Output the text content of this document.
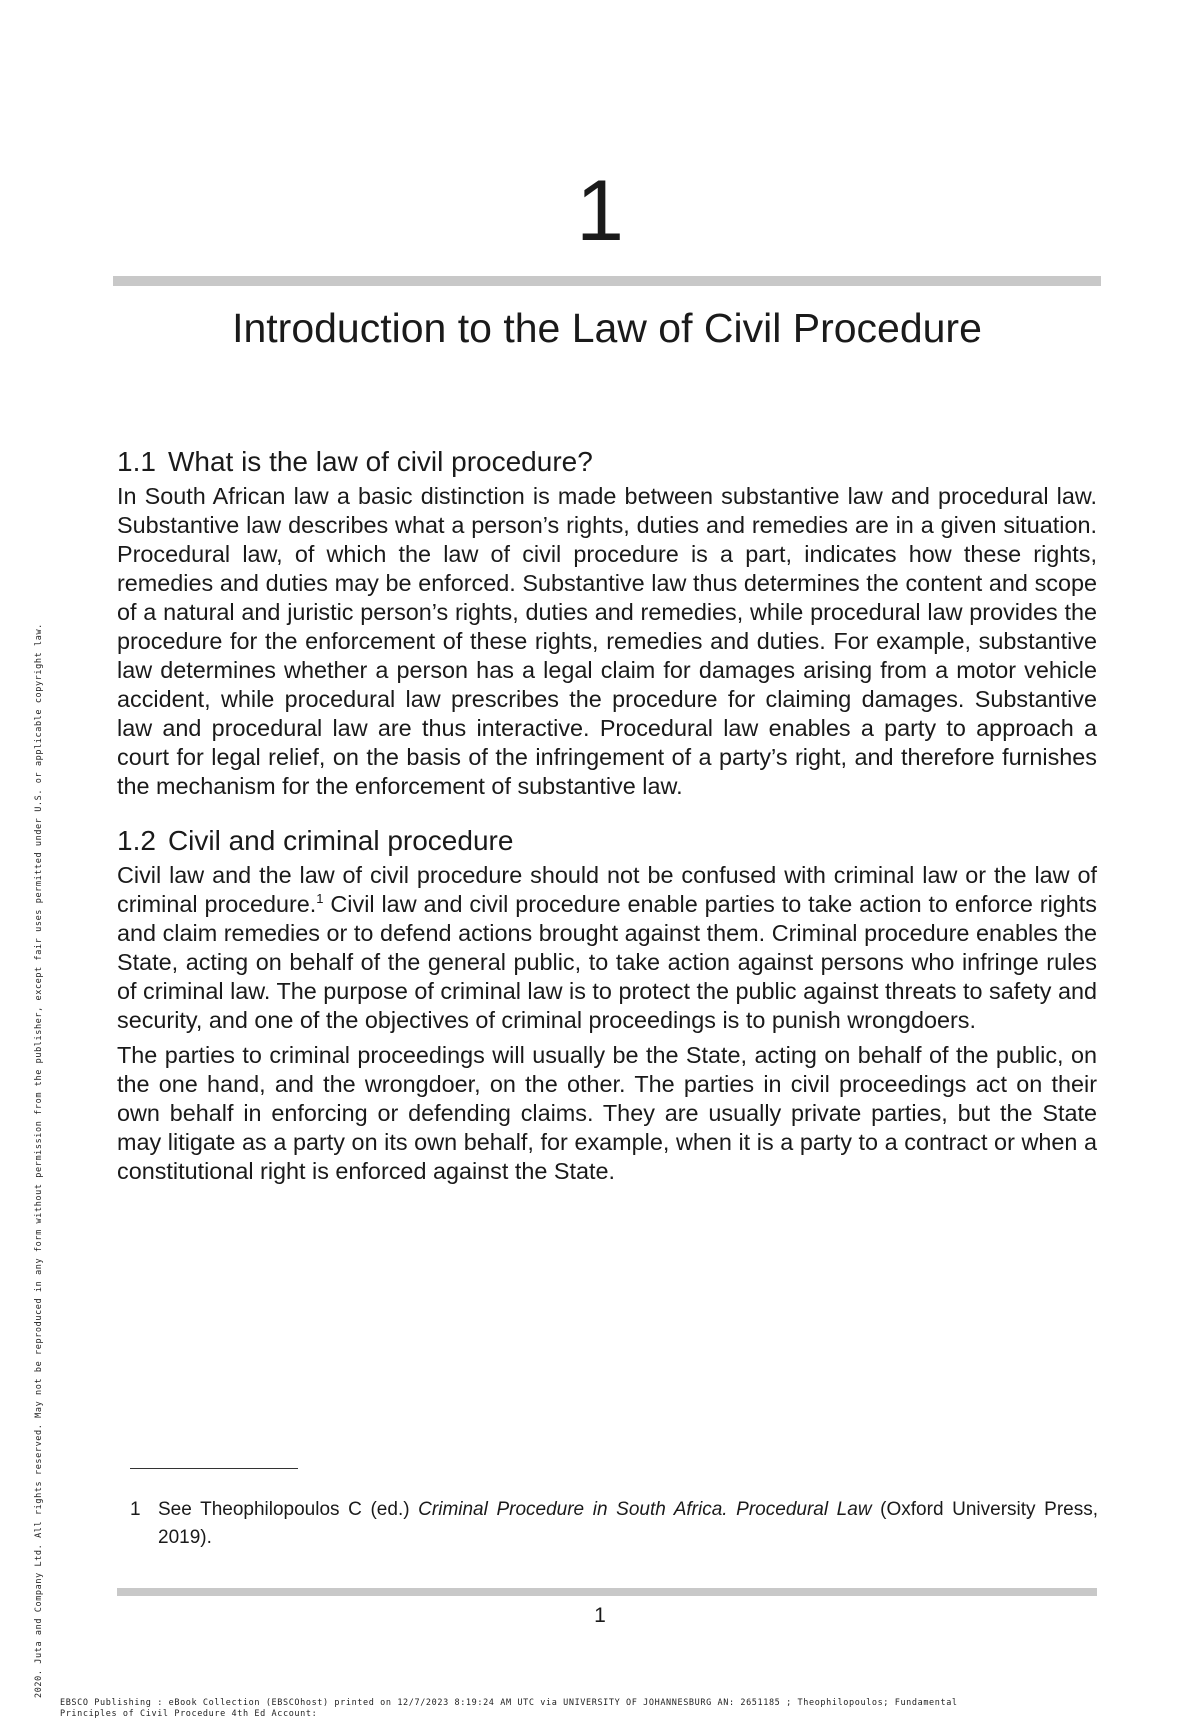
1
Introduction to the Law of Civil Procedure
1.1 What is the law of civil procedure?

In South African law a basic distinction is made between substantive law and procedural law. Substantive law describes what a person’s rights, duties and remedies are in a given situation. Procedural law, of which the law of civil procedure is a part, indicates how these rights, remedies and duties may be enforced. Substantive law thus determines the content and scope of a natural and juristic person’s rights, duties and remedies, while procedural law provides the procedure for the enforcement of these rights, remedies and duties. For example, substantive law determines whether a person has a legal claim for damages arising from a motor vehicle accident, while procedural law prescribes the procedure for claiming damages. Substantive law and procedural law are thus interactive. Procedural law enables a party to approach a court for legal relief, on the basis of the infringement of a party’s right, and therefore furnishes the mechanism for the enforcement of substantive law.

1.2 Civil and criminal procedure

Civil law and the law of civil procedure should not be confused with criminal law or the law of criminal procedure.$^1$ Civil law and civil procedure enable parties to take action to enforce rights and claim remedies or to defend actions brought against them. Criminal procedure enables the State, acting on behalf of the general public, to take action against persons who infringe rules of criminal law. The purpose of criminal law is to protect the public against threats to safety and security, and one of the objectives of criminal proceedings is to punish wrongdoers.

The parties to criminal proceedings will usually be the State, acting on behalf of the public, on the one hand, and the wrongdoer, on the other. The parties in civil proceedings act on their own behalf in enforcing or defending claims. They are usually private parties, but the State may litigate as a party on its own behalf, for example, when it is a party to a contract or when a constitutional right is enforced against the State.

1 See Theophilopoulos C (ed.) Criminal Procedure in South Africa. Procedural Law (Oxford University Press, 2019).
1
2020. Juta and Company Ltd. All rights reserved. May not be reproduced in any form without permission from the publisher, except fair uses permitted under U.S. or applicable copyright law.
EBSCO Publishing : eBook Collection (EBSCOhost) printed on 12/7/2023 8:19:24 AM UTC via UNIVERSITY OF JOHANNESBURG AN: 2651185 ; Theophilopoulos; Fundamental
Principles of Civil Procedure 4th Ed Account:
